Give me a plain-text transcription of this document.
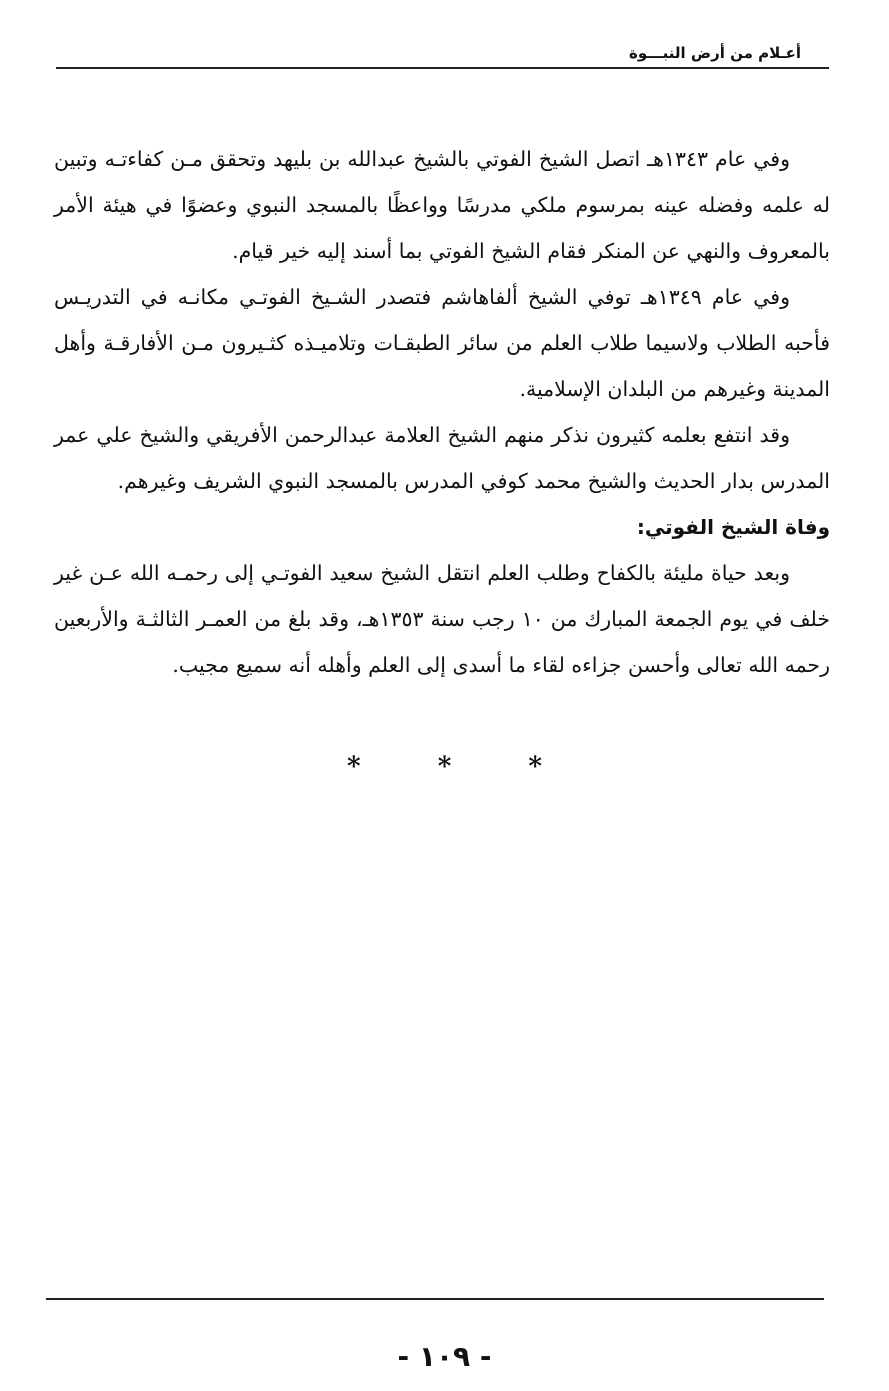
أعـلام من أرض النبـــوة

وفي عام ١٣٤٣هـ اتصل الشيخ الفوتي بالشيخ عبدالله بن بليهد وتحقق مـن كفاءتـه وتبين له علمه وفضله عينه بمرسوم ملكي مدرسًا وواعظًا بالمسجد النبوي وعضوًا في هيئة الأمر بالمعروف والنهي عن المنكر فقام الشيخ الفوتي بما أسند إليه خير قيام.

وفي عام ١٣٤٩هـ توفي الشيخ ألفاهاشم فتصدر الشـيخ الفوتـي مكانـه في التدريـس فأحبه الطلاب ولاسيما طلاب العلم من سائر الطبقـات وتلاميـذه كثـيرون مـن الأفارقـة وأهل المدينة وغيرهم من البلدان الإسلامية.

وقد انتفع بعلمه كثيرون نذكر منهم الشيخ العلامة عبدالرحمن الأفريقي والشيخ علي عمر المدرس بدار الحديث والشيخ محمد كوفي المدرس بالمسجد النبوي الشريف وغيرهم.

وفاة الشيخ الفوتي:

وبعد حياة مليئة بالكفاح وطلب العلم انتقل الشيخ سعيد الفوتـي إلى رحمـه الله عـن غير خلف في يوم الجمعة المبارك من ١٠ رجب سنة ١٣٥٣هـ، وقد بلغ من العمـر الثالثـة والأربعين رحمه الله تعالى وأحسن جزاءه لقاء ما أسدى إلى العلم وأهله أنه سميع مجيب.

* * *
- ١٠٩ -
